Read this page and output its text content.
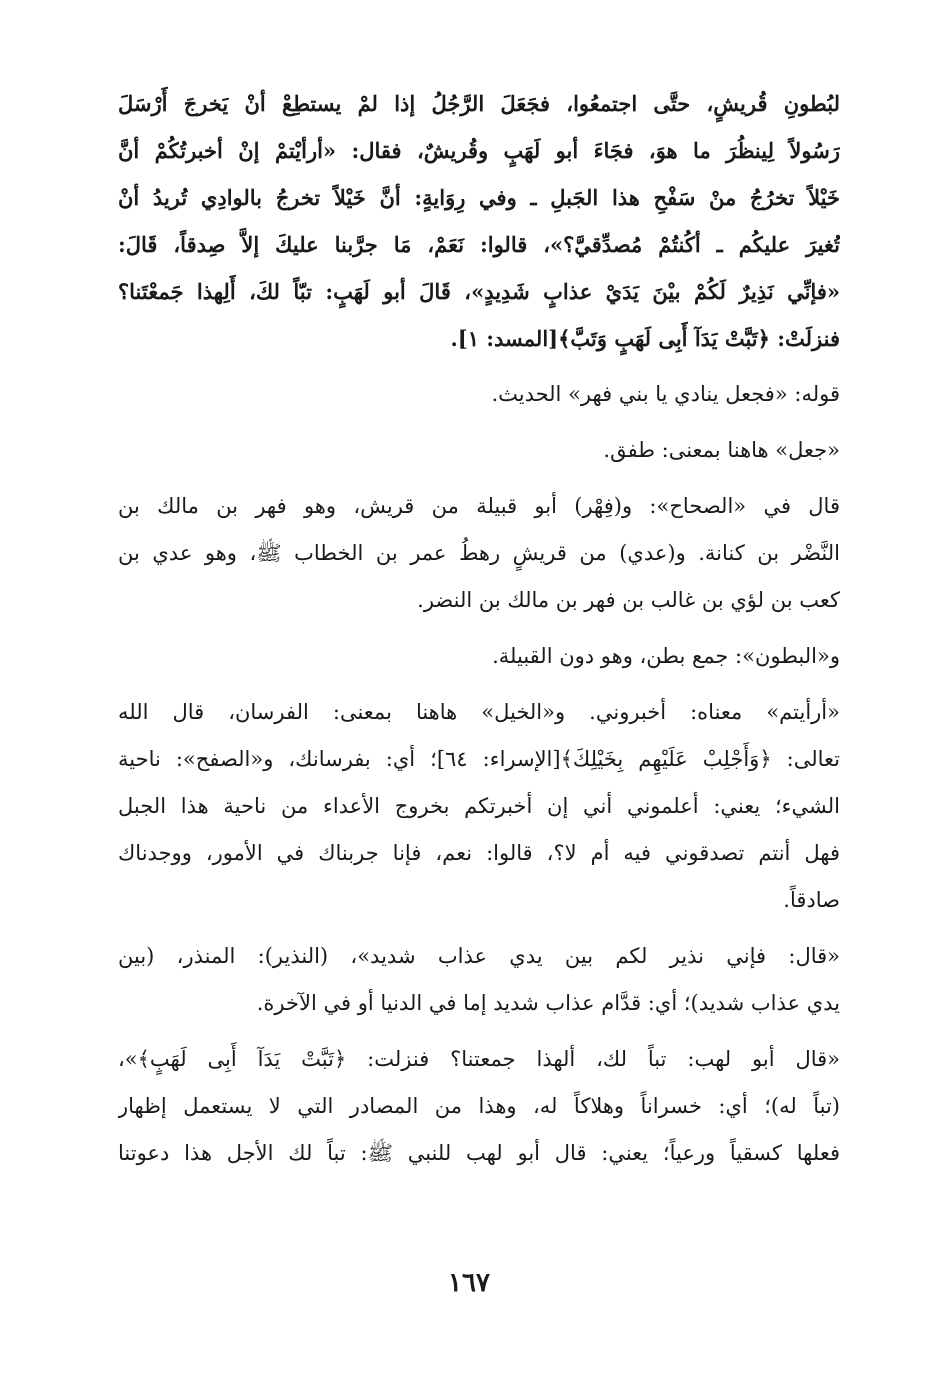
لبُطونِ قُريشٍ، حتَّى اجتمعُوا، فجَعَلَ الرَّجُلُ إذا لمْ يستطِعْ أنْ يَخرجَ أَرْسَلَ
رَسُولاً لِينظُرَ ما هوَ، فجَاءَ أبو لَهَبٍ وقُريشٌ، فقال: «أرأيْتمْ إنْ أخبرتُكُمْ أنَّ
خَيْلاً تخرُجُ منْ سَفْحِ هذا الجَبلِ ـ وفي رِوَايةٍ: أنَّ خَيْلاً تخرجُ بالوادِي تُريدُ أنْ
تُغيرَ عليكُم ـ أكُنتُمْ مُصدِّقيَّ؟»، قالوا: نَعَمْ، مَا جرَّبنا عليكَ إلاَّ صِدقاً، قَالَ:
«فإنِّي نَذِيرٌ لَكُمْ بيْنَ يَدَيْ عذابٍ شَدِيدٍ»، قَالَ أبو لَهَبٍ: تبّاً لكَ، أَلِهذا جَمعْتَنا؟
فنزلَتْ: ﴿تَبَّتْ يَدَآ أَبِى لَهَبٍ وَتَبَّ﴾[المسد: ١].
قوله: «فجعل ينادي يا بني فهر» الحديث.
«جعل» هاهنا بمعنى: طفق.
قال في «الصحاح»: و(فِهْر) أبو قبيلة من قريش، وهو فهر بن مالك بن
النَّضْر بن كنانة. و(عدي) من قريشٍ رهطُ عمر بن الخطاب ﷺ، وهو عدي بن
كعب بن لؤي بن غالب بن فهر بن مالك بن النضر.
و«البطون»: جمع بطن، وهو دون القبيلة.
«أرأيتم» معناه: أخبروني. و«الخيل» هاهنا بمعنى: الفرسان، قال الله
تعالى: ﴿وَأَجْلِبْ عَلَيْهِم بِخَيْلِكَ﴾[الإسراء: ٦٤]؛ أي: بفرسانك، و«الصفح»: ناحية
الشيء؛ يعني: أعلموني أني إن أخبرتكم بخروج الأعداء من ناحية هذا الجبل
فهل أنتم تصدقوني فيه أم لا؟، قالوا: نعم، فإنا جربناك في الأمور، ووجدناك
صادقاً.
«قال: فإني نذير لكم بين يدي عذاب شديد»، (النذير): المنذر، (بين
يدي عذاب شديد)؛ أي: قدَّام عذاب شديد إما في الدنيا أو في الآخرة.
«قال أبو لهب: تباً لك، ألهذا جمعتنا؟ فنزلت: ﴿تَبَّتْ يَدَآ أَبِى لَهَبٍ﴾»،
(تباً له)؛ أي: خسراناً وهلاكاً له، وهذا من المصادر التي لا يستعمل إظهار
فعلها كسقياً ورعياً؛ يعني: قال أبو لهب للنبي ﷺ: تباً لك الأجل هذا دعوتنا
١٦٧
